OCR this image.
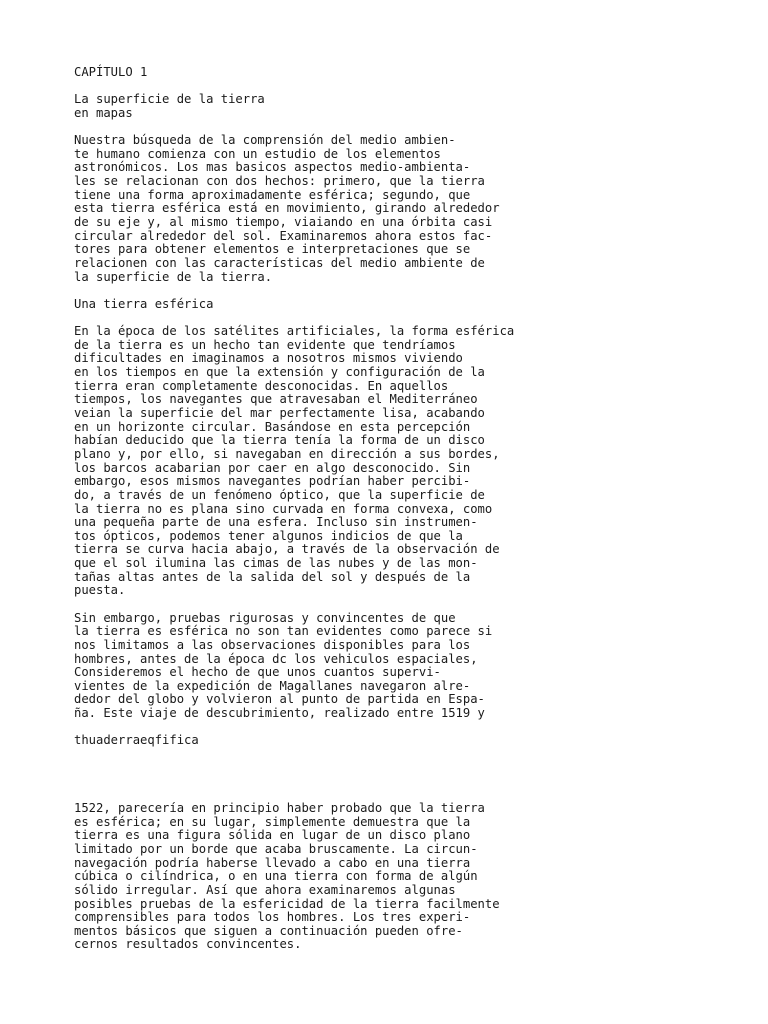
CAPÍTULO 1
La superficie de la tierra
en mapas
Nuestra búsqueda de la comprensión del medio ambien-
te humano comienza con un estudio de los elementos
astronómicos. Los mas basicos aspectos medio-ambienta-
les se relacionan con dos hechos: primero, que la tierra
tiene una forma aproximadamente esférica; segundo, que
esta tierra esférica está en movimiento, girando alrededor
de su eje y, al mismo tiempo, viaiando en una órbita casi
circular alrededor del sol. Examinaremos ahora estos fac-
tores para obtener elementos e interpretaciones que se
relacionen con las características del medio ambiente de
la superficie de la tierra.
Una tierra esférica
En la época de los satélites artificiales, la forma esférica
de la tierra es un hecho tan evidente que tendríamos
dificultades en imaginamos a nosotros mismos viviendo
en los tiempos en que la extensión y configuración de la
tierra eran completamente desconocidas. En aquellos
tiempos, los navegantes que atravesaban el Mediterráneo
veian la superficie del mar perfectamente lisa, acabando
en un horizonte circular. Basándose en esta percepción
habían deducido que la tierra tenía la forma de un disco
plano y, por ello, si navegaban en dirección a sus bordes,
los barcos acabarian por caer en algo desconocido. Sin
embargo, esos mismos navegantes podrían haber percibi-
do, a través de un fenómeno óptico, que la superficie de
la tierra no es plana sino curvada en forma convexa, como
una pequeña parte de una esfera. Incluso sin instrumen-
tos ópticos, podemos tener algunos indicios de que la
tierra se curva hacia abajo, a través de la observación de
que el sol ilumina las cimas de las nubes y de las mon-
tañas altas antes de la salida del sol y después de la
puesta.
Sin embargo, pruebas rigurosas y convincentes de que
la tierra es esférica no son tan evidentes como parece si
nos limitamos a las observaciones disponibles para los
hombres, antes de la época dc los vehiculos espaciales,
Consideremos el hecho de que unos cuantos supervi-
vientes de la expedición de Magallanes navegaron alre-
dedor del globo y volvieron al punto de partida en Espa-
ña. Este viaje de descubrimiento, realizado entre 1519 y
thuaderraeqfifica
1522, parecería en principio haber probado que la tierra
es esférica; en su lugar, simplemente demuestra que la
tierra es una figura sólida en lugar de un disco plano
limitado por un borde que acaba bruscamente. La circun-
navegación podría haberse llevado a cabo en una tierra
cúbica o cilíndrica, o en una tierra con forma de algún
sólido irregular. Así que ahora examinaremos algunas
posibles pruebas de la esfericidad de la tierra facilmente
comprensibles para todos los hombres. Los tres experi-
mentos básicos que siguen a continuación pueden ofre-
cernos resultados convincentes.
